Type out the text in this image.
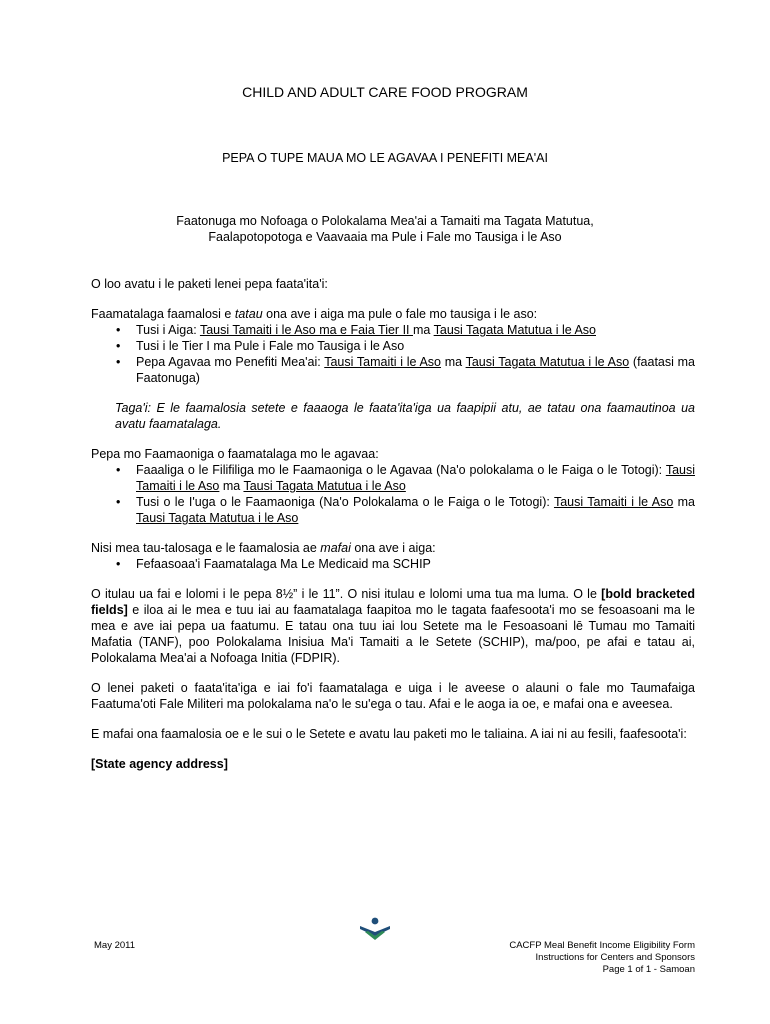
CHILD AND ADULT CARE FOOD PROGRAM
PEPA O TUPE MAUA MO LE AGAVAA I PENEFITI MEA'AI
Faatonuga mo Nofoaga o Polokalama Mea'ai a Tamaiti ma Tagata Matutua,
Faalapotopotoga e Vaavaaia ma Pule i Fale mo Tausiga i le Aso

O loo avatu i le paketi lenei pepa faata'ita'i:

Faamatalaga faamalosi e tatau ona ave i aiga ma pule o fale mo tausiga i le aso:

• Tusi i Aiga: Tausi Tamaiti i le Aso ma e Faia Tier II ma Tausi Tagata Matutua i le Aso
• Tusi i le Tier I ma Pule i Fale mo Tausiga i le Aso
• Pepa Agavaa mo Penefiti Mea'ai: Tausi Tamaiti i le Aso ma Tausi Tagata Matutua i le Aso (faatasi ma Faatonuga)

Taga'i: E le faamalosia setete e faaaoga le faata'ita'iga ua faapipii atu, ae tatau ona faamautinoa ua avatu faamatalaga.

Pepa mo Faamaoniga o faamatalaga mo le agavaa:

• Faaaliga o le Filifiliga mo le Faamaoniga o le Agavaa (Na'o polokalama o le Faiga o le Totogi): Tausi Tamaiti i le Aso ma Tausi Tagata Matutua i le Aso
• Tusi o le I'uga o le Faamaoniga (Na'o Polokalama o le Faiga o le Totogi): Tausi Tamaiti i le Aso ma Tausi Tagata Matutua i le Aso

Nisi mea tau-talosaga e le faamalosia ae mafai ona ave i aiga:

• Fefaasoaa'i Faamatalaga Ma Le Medicaid ma SCHIP

O itulau ua fai e lolomi i le pepa 8½” i le 11”. O nisi itulau e lolomi uma tua ma luma. O le [bold bracketed fields] e iloa ai le mea e tuu iai au faamatalaga faapitoa mo le tagata faafesoota'i mo se fesoasoani ma le mea e ave iai pepa ua faatumu. E tatau ona tuu iai lou Setete ma le Fesoasoani lē Tumau mo Tamaiti Mafatia (TANF), poo Polokalama Inisiua Ma'i Tamaiti a le Setete (SCHIP), ma/poo, pe afai e tatau ai, Polokalama Mea'ai a Nofoaga Initia (FDPIR).

O lenei paketi o faata'ita'iga e iai fo'i faamatalaga e uiga i le aveese o alauni o fale mo Taumafaiga Faatuma'oti Fale Militeri ma polokalama na'o le su'ega o tau. Afai e le aoga ia oe, e mafai ona e aveesea.

E mafai ona faamalosia oe e le sui o le Setete e avatu lau paketi mo le taliaina. A iai ni au fesili, faafesoota'i:

[State agency address]

May 2011	CACFP Meal Benefit Income Eligibility Form
Instructions for Centers and Sponsors
Page 1 of 1 - Samoan
